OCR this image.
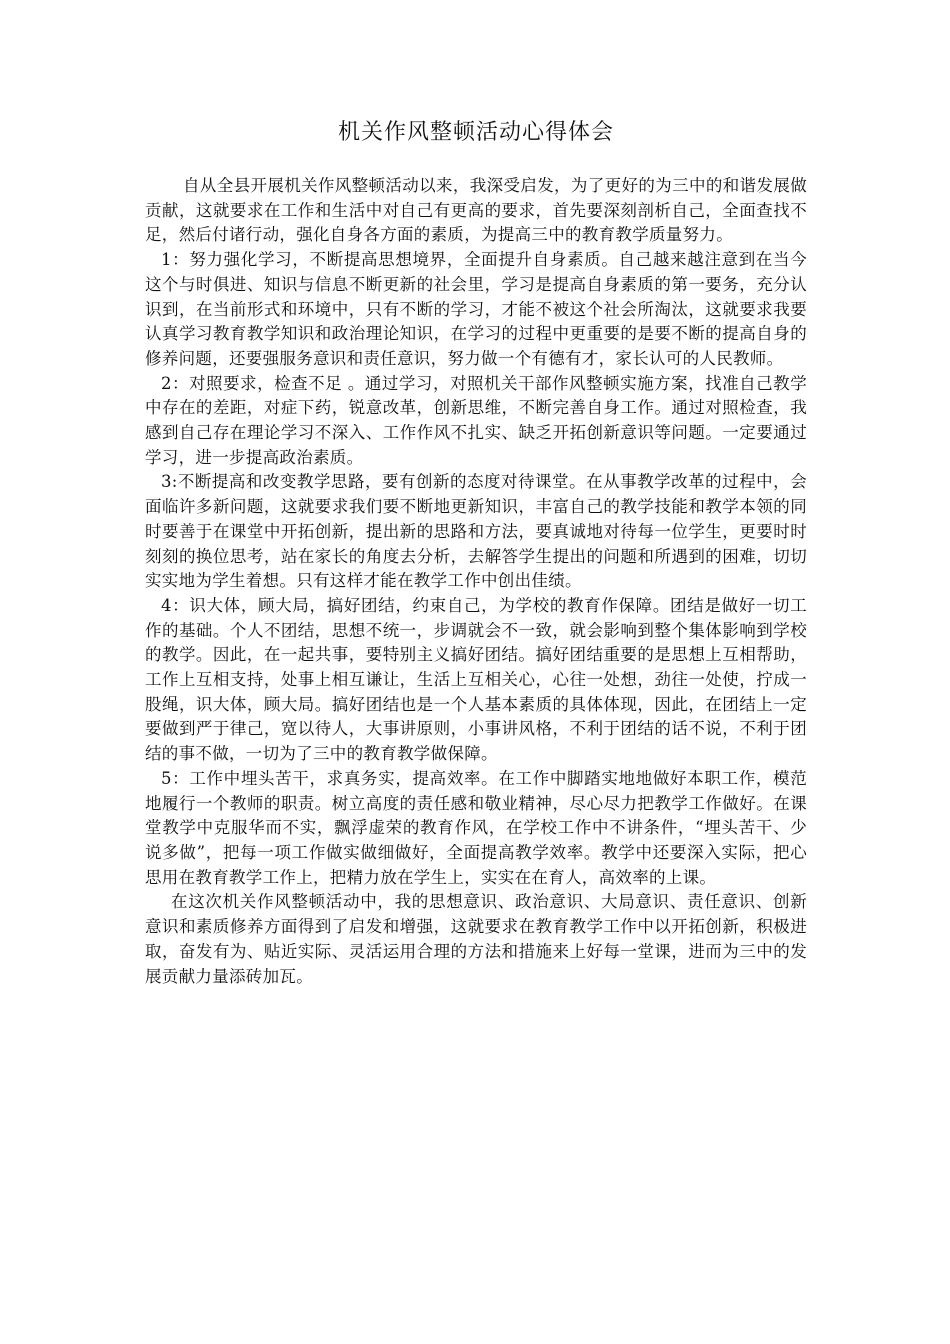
机关作风整顿活动心得体会

自从全县开展机关作风整顿活动以来，我深受启发，为了更好的为三中的和谐发展做贡献，这就要求在工作和生活中对自己有更高的要求，首先要深刻剖析自己，全面查找不足，然后付诸行动，强化自身各方面的素质，为提高三中的教育教学质量努力。

1：努力强化学习，不断提高思想境界，全面提升自身素质。自己越来越注意到在当今这个与时俱进、知识与信息不断更新的社会里，学习是提高自身素质的第一要务，充分认识到，在当前形式和环境中，只有不断的学习，才能不被这个社会所淘汰，这就要求我要认真学习教育教学知识和政治理论知识，在学习的过程中更重要的是要不断的提高自身的修养问题，还要强服务意识和责任意识，努力做一个有德有才，家长认可的人民教师。

2：对照要求，检查不足 。通过学习，对照机关干部作风整顿实施方案，找准自己教学中存在的差距，对症下药，锐意改革，创新思维，不断完善自身工作。通过对照检查，我感到自己存在理论学习不深入、工作作风不扎实、缺乏开拓创新意识等问题。一定要通过学习，进一步提高政治素质。

3:不断提高和改变教学思路，要有创新的态度对待课堂。在从事教学改革的过程中，会面临许多新问题，这就要求我们要不断地更新知识，丰富自己的教学技能和教学本领的同时要善于在课堂中开拓创新，提出新的思路和方法，要真诚地对待每一位学生，更要时时刻刻的换位思考，站在家长的角度去分析，去解答学生提出的问题和所遇到的困难，切切实实地为学生着想。只有这样才能在教学工作中创出佳绩。

4：识大体，顾大局，搞好团结，约束自己，为学校的教育作保障。团结是做好一切工作的基础。个人不团结，思想不统一，步调就会不一致，就会影响到整个集体影响到学校的教学。因此，在一起共事，要特别主义搞好团结。搞好团结重要的是思想上互相帮助，工作上互相支持，处事上相互谦让，生活上互相关心，心往一处想，劲往一处使，拧成一股绳，识大体，顾大局。搞好团结也是一个人基本素质的具体体现，因此，在团结上一定要做到严于律己，宽以待人，大事讲原则，小事讲风格，不利于团结的话不说，不利于团结的事不做，一切为了三中的教育教学做保障。

5：工作中埋头苦干，求真务实，提高效率。在工作中脚踏实地地做好本职工作，模范地履行一个教师的职责。树立高度的责任感和敬业精神，尽心尽力把教学工作做好。在课堂教学中克服华而不实，飘浮虚荣的教育作风，在学校工作中不讲条件，“埋头苦干、少说多做”，把每一项工作做实做细做好，全面提高教学效率。教学中还要深入实际，把心思用在教育教学工作上，把精力放在学生上，实实在在育人，高效率的上课。

在这次机关作风整顿活动中，我的思想意识、政治意识、大局意识、责任意识、创新意识和素质修养方面得到了启发和增强，这就要求在教育教学工作中以开拓创新，积极进取，奋发有为、贴近实际、灵活运用合理的方法和措施来上好每一堂课，进而为三中的发展贡献力量添砖加瓦。
